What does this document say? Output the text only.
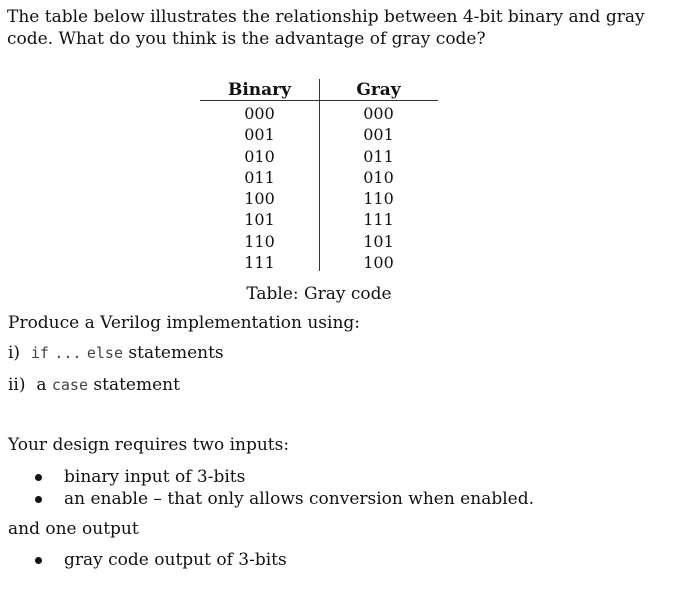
The table below illustrates the relationship between 4-bit binary and gray code. What do you think is the advantage of gray code?

Binary	Gray
000
001
010
011
100
101
110
111
000
001
011
010
110
111
101
100

Table: Gray code

Produce a Verilog implementation using:

i) if ... else statements

ii) a case statement

Your design requires two inputs:

binary input of 3-bits
an enable – that only allows conversion when enabled.

and one output

gray code output of 3-bits
